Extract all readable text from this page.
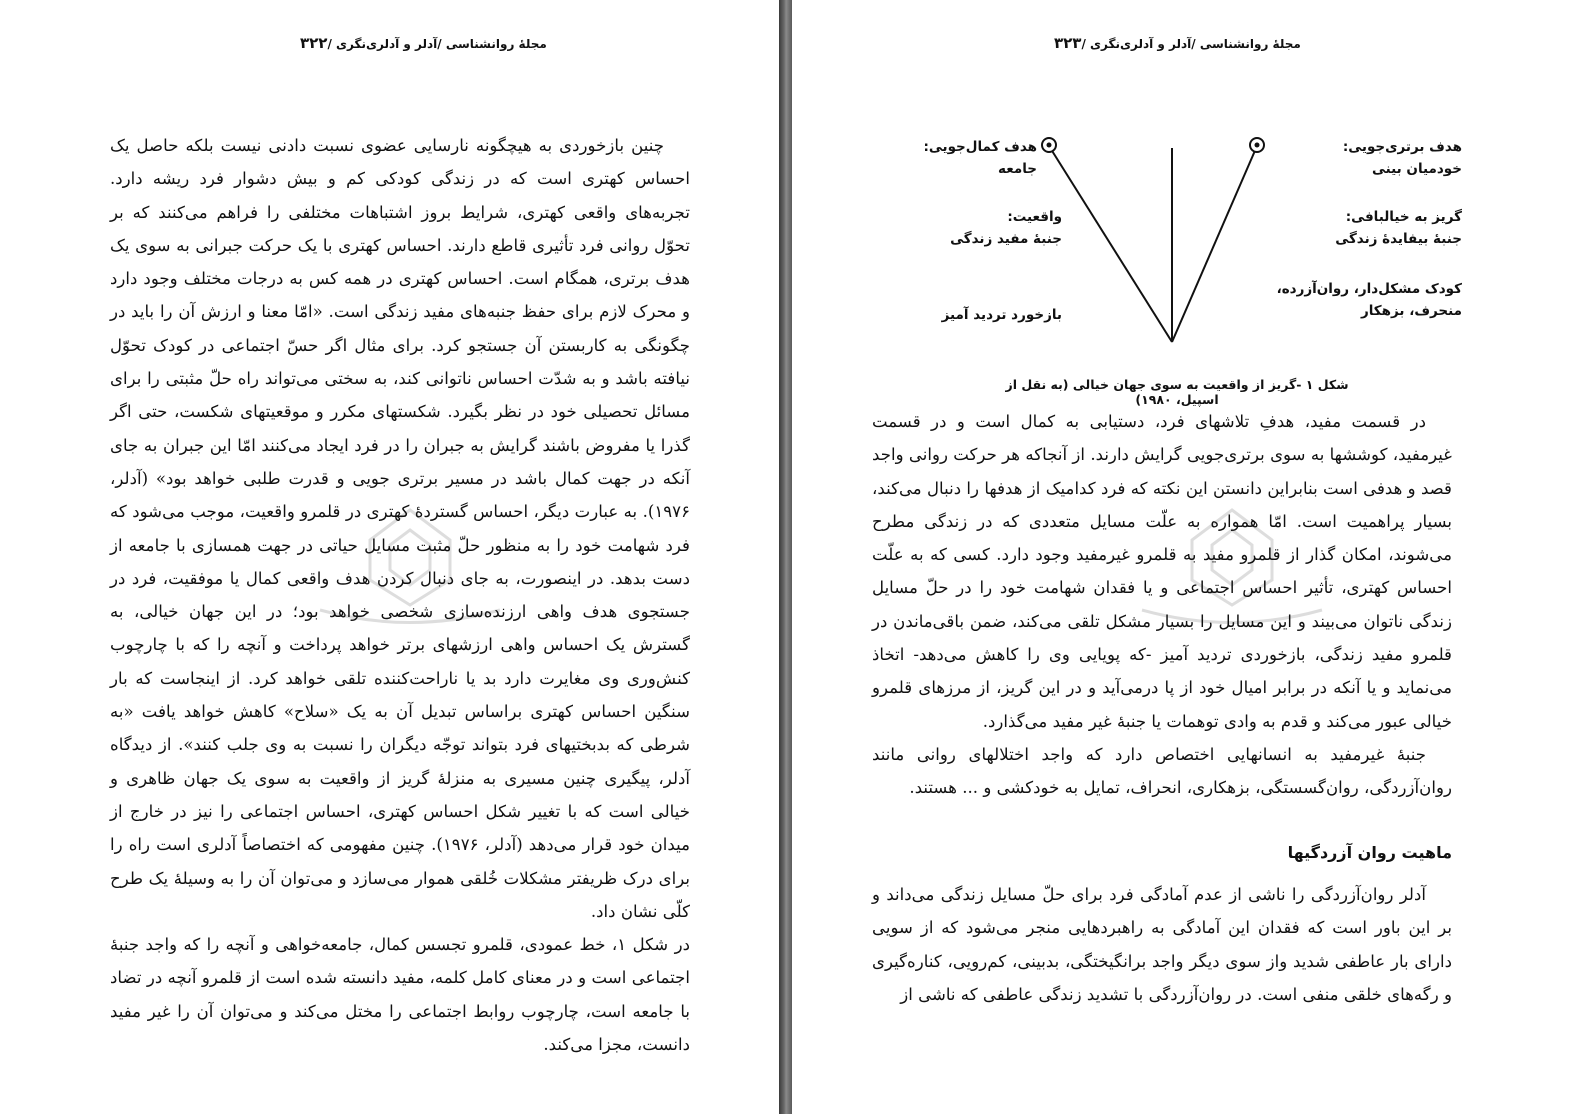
مجلهٔ روانشناسی /آدلر و آدلری‌نگری /۳۲۲

چنین بازخوردی به هیچگونه نارسایی عضوی نسبت دادنی نیست بلکه حاصل یک احساس کهتری است که در زندگی کودکی کم و بیش دشوار فرد ریشه دارد. تجربه‌های واقعی کهتری، شرایط بروز اشتباهات مختلفی را فراهم می‌کنند که بر تحوّل روانی فرد تأثیری قاطع دارند. احساس کهتری با یک حرکت جبرانی به سوی یک هدف برتری، همگام است. احساس کهتری در همه کس به درجات مختلف وجود دارد و محرک لازم برای حفظ جنبه‌های مفید زندگی است. «امّا معنا و ارزش آن را باید در چگونگی به کاربستن آن جستجو کرد. برای مثال اگر حسّ اجتماعی در کودک تحوّل نیافته باشد و به شدّت احساس ناتوانی کند، به سختی می‌تواند راه حلّ مثبتی را برای مسائل تحصیلی خود در نظر بگیرد. شکستهای مکرر و موقعیتهای شکست، حتی اگر گذرا یا مفروض باشند گرایش به جبران را در فرد ایجاد می‌کنند امّا این جبران به جای آنکه در جهت کمال باشد در مسیر برتری جویی و قدرت طلبی خواهد بود» (آدلر، ۱۹۷۶). به عبارت دیگر، احساس گستردهٔ کهتری در قلمرو واقعیت، موجب می‌شود که فرد شهامت خود را به منظور حلّ مثبت مسایل حیاتی در جهت همسازی با جامعه از دست بدهد. در اینصورت، به جای دنبال کردن هدف واقعی کمال یا موفقیت، فرد در جستجوی هدف واهی ارزنده‌سازی شخصی خواهد بود؛ در این جهان خیالی، به گسترش یک احساس واهی ارزشهای برتر خواهد پرداخت و آنچه را که با چارچوب کنش‌وری وی مغایرت دارد بد یا ناراحت‌کننده تلقی خواهد کرد. از اینجاست که بار سنگین احساس کهتری براساس تبدیل آن به یک «سلاح» کاهش خواهد یافت «به شرطی که بدبختیهای فرد بتواند توجّه دیگران را نسبت به وی جلب کنند». از دیدگاه آدلر، پیگیری چنین مسیری به منزلهٔ گریز از واقعیت به سوی یک جهان ظاهری و خیالی است که با تغییر شکل احساس کهتری، احساس اجتماعی را نیز در خارج از میدان خود قرار می‌دهد (آدلر، ۱۹۷۶). چنین مفهومی که اختصاصاً آدلری است راه را برای درک ظریفتر مشکلات خُلقی هموار می‌سازد و می‌توان آن را به وسیلهٔ یک طرح کلّی نشان داد.

در شکل ۱، خط عمودی، قلمرو تجسس کمال، جامعه‌خواهی و آنچه را که واجد جنبهٔ اجتماعی است و در معنای کامل کلمه، مفید دانسته شده است از قلمرو آنچه در تضاد با جامعه است، چارچوب روابط اجتماعی را مختل می‌کند و می‌توان آن را غیر مفید دانست، مجزا می‌کند.

مجلهٔ روانشناسی /آدلر و آدلری‌نگری /۳۲۳
هدف برتری‌جویی:
خودمیان بینی
گریز به خیالبافی:
جنبهٔ بیفایدهٔ زندگی
کودک مشکل‌دار، روان‌آزرده،
منحرف، بزهکار
هدف کمال‌جویی:
جامعه
واقعیت:
جنبهٔ مفید زندگی
بازخورد تردید آمیز
شکل ۱ -گریز از واقعیت به سوی جهان خیالی (به نقل از اسپیل، ۱۹۸۰)

در قسمت مفید، هدفِ تلاشهای فرد، دستیابی به کمال است و در قسمت غیرمفید، کوششها به سوی برتری‌جویی گرایش دارند. از آنجاکه هر حرکت روانی واجد قصد و هدفی است بنابراین دانستن این نکته که فرد کدامیک از هدفها را دنبال می‌کند، بسیار پراهمیت است. امّا همواره به علّت مسایل متعددی که در زندگی مطرح می‌شوند، امکان گذار از قلمرو مفید به قلمرو غیرمفید وجود دارد. کسی که به علّت احساس کهتری، تأثیر احساس اجتماعی و یا فقدان شهامت خود را در حلّ مسایل زندگی ناتوان می‌بیند و این مسایل را بسیار مشکل تلقی می‌کند، ضمن باقی‌ماندن در قلمرو مفید زندگی، بازخوردی تردید آمیز -که پویایی وی را کاهش می‌دهد- اتخاذ می‌نماید و یا آنکه در برابر امیال خود از پا درمی‌آید و در این گریز، از مرزهای قلمرو خیالی عبور می‌کند و قدم به وادی توهمات یا جنبهٔ غیر مفید می‌گذارد.

جنبهٔ غیرمفید به انسانهایی اختصاص دارد که واجد اختلالهای روانی مانند روان‌آزردگی، روان‌گسستگی، بزهکاری، انحراف، تمایل به خودکشی و ... هستند.

ماهیت روان آزردگیها

آدلر روان‌آزردگی را ناشی از عدم آمادگی فرد برای حلّ مسایل زندگی می‌داند و بر این باور است که فقدان این آمادگی به راهبردهایی منجر می‌شود که از سویی دارای بار عاطفی شدید واز سوی دیگر واجد برانگیختگی، بدبینی، کم‌رویی، کناره‌گیری و رگه‌های خلقی منفی است. در روان‌آزردگی با تشدید زندگی عاطفی که ناشی از
